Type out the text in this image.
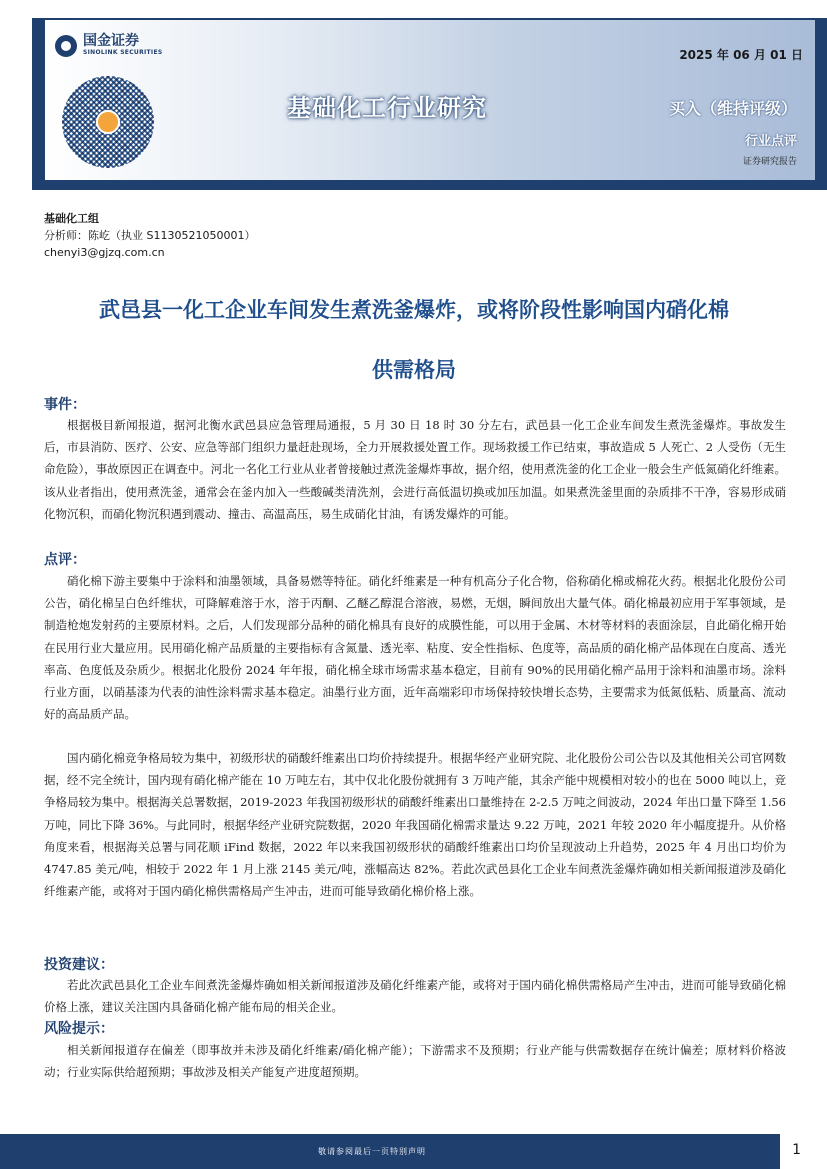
国金证券
SINOLINK SECURITIES
基础化工行业研究
2025 年 06 月 01 日
买入（维持评级）
行业点评
证券研究报告
基础化工组
分析师：陈屹（执业 S1130521050001）
chenyi3@gjzq.com.cn
武邑县一化工企业车间发生煮洗釜爆炸，或将阶段性影响国内硝化棉
供需格局
事件：
根据极目新闻报道，据河北衡水武邑县应急管理局通报，5 月 30 日 18 时 30 分左右，武邑县一化工企业车间发生煮洗釜爆炸。事故发生后，市县消防、医疗、公安、应急等部门组织力量赶赴现场，全力开展救援处置工作。现场救援工作已结束，事故造成 5 人死亡、2 人受伤（无生命危险），事故原因正在调查中。河北一名化工行业从业者曾接触过煮洗釜爆炸事故，据介绍，使用煮洗釜的化工企业一般会生产低氮硝化纤维素。该从业者指出，使用煮洗釜，通常会在釜内加入一些酸碱类清洗剂，会进行高低温切换或加压加温。如果煮洗釜里面的杂质排不干净，容易形成硝化物沉积，而硝化物沉积遇到震动、撞击、高温高压，易生成硝化甘油，有诱发爆炸的可能。
点评：
硝化棉下游主要集中于涂料和油墨领域，具备易燃等特征。硝化纤维素是一种有机高分子化合物，俗称硝化棉或棉花火药。根据北化股份公司公告，硝化棉呈白色纤维状，可降解难溶于水，溶于丙酮、乙醚乙醇混合溶液，易燃，无烟，瞬间放出大量气体。硝化棉最初应用于军事领域，是制造枪炮发射药的主要原材料。之后，人们发现部分品种的硝化棉具有良好的成膜性能，可以用于金属、木材等材料的表面涂层，自此硝化棉开始在民用行业大量应用。民用硝化棉产品质量的主要指标有含氮量、透光率、粘度、安全性指标、色度等，高品质的硝化棉产品体现在白度高、透光率高、色度低及杂质少。根据北化股份 2024 年年报，硝化棉全球市场需求基本稳定，目前有 90%的民用硝化棉产品用于涂料和油墨市场。涂料行业方面，以硝基漆为代表的油性涂料需求基本稳定。油墨行业方面，近年高端彩印市场保持较快增长态势，主要需求为低氮低粘、质量高、流动好的高品质产品。
国内硝化棉竞争格局较为集中，初级形状的硝酸纤维素出口均价持续提升。根据华经产业研究院、北化股份公司公告以及其他相关公司官网数据，经不完全统计，国内现有硝化棉产能在 10 万吨左右，其中仅北化股份就拥有 3 万吨产能，其余产能中规模相对较小的也在 5000 吨以上，竞争格局较为集中。根据海关总署数据，2019-2023 年我国初级形状的硝酸纤维素出口量维持在 2-2.5 万吨之间波动，2024 年出口量下降至 1.56 万吨，同比下降 36%。与此同时，根据华经产业研究院数据，2020 年我国硝化棉需求量达 9.22 万吨，2021 年较 2020 年小幅度提升。从价格角度来看，根据海关总署与同花顺 iFind 数据，2022 年以来我国初级形状的硝酸纤维素出口均价呈现波动上升趋势，2025 年 4 月出口均价为 4747.85 美元/吨，相较于 2022 年 1 月上涨 2145 美元/吨，涨幅高达 82%。若此次武邑县化工企业车间煮洗釜爆炸确如相关新闻报道涉及硝化纤维素产能，或将对于国内硝化棉供需格局产生冲击，进而可能导致硝化棉价格上涨。
投资建议：
若此次武邑县化工企业车间煮洗釜爆炸确如相关新闻报道涉及硝化纤维素产能，或将对于国内硝化棉供需格局产生冲击，进而可能导致硝化棉价格上涨，建议关注国内具备硝化棉产能布局的相关企业。
风险提示：
相关新闻报道存在偏差（即事故并未涉及硝化纤维素/硝化棉产能）；下游需求不及预期；行业产能与供需数据存在统计偏差；原材料价格波动；行业实际供给超预期；事故涉及相关产能复产进度超预期。
敬请参阅最后一页特别声明	1
